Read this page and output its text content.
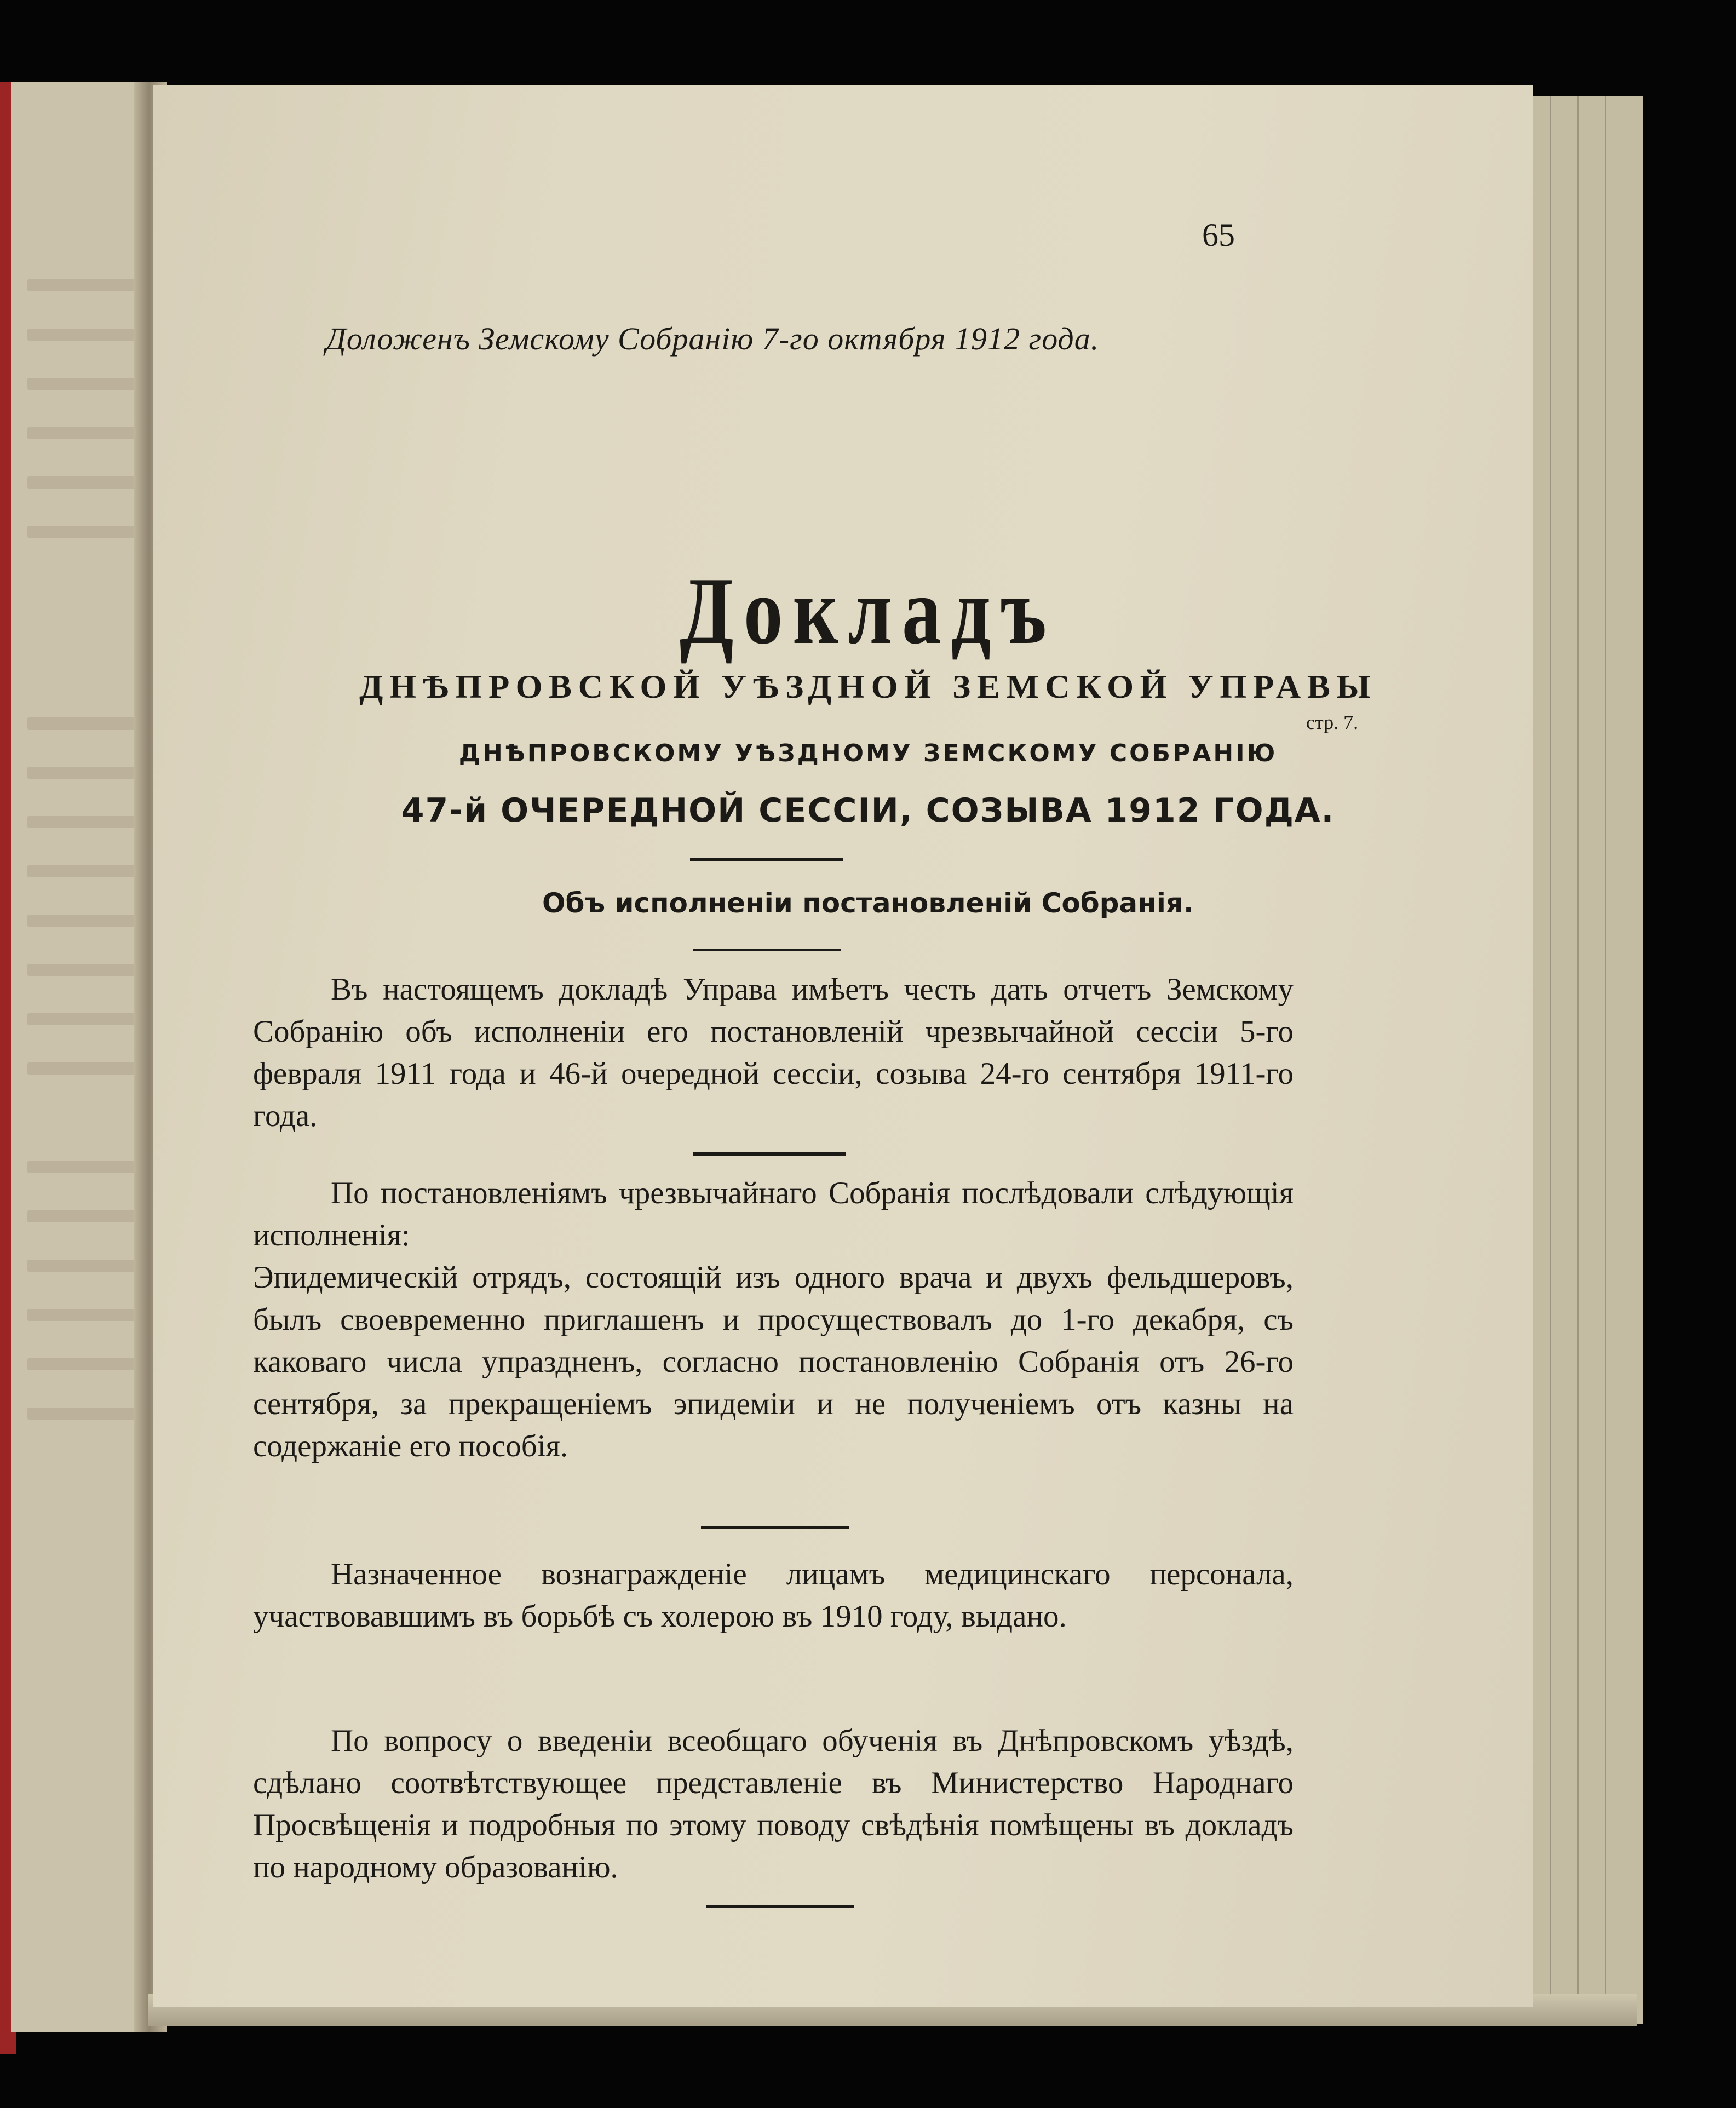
65
Доложенъ Земскому Собранію 7-го октября 1912 года.
Докладъ
ДНѢПРОВСКОЙ УѢЗДНОЙ ЗЕМСКОЙ УПРАВЫ
ДНѢПРОВСКОМУ УѢЗДНОМУ ЗЕМСКОМУ СОБРАНІЮ
47-й ОЧЕРЕДНОЙ СЕССІИ, СОЗЫВА 1912 ГОДА.
стр. 7.
Объ исполненіи постановленій Собранія.

Въ настоящемъ докладѣ Управа имѣетъ честь дать отчетъ Земскому Собранію объ исполненіи его постановленій чрезвычайной сессіи 5-го февраля 1911 года и 46-й очередной сессіи, созыва 24-го сентября 1911-го года.

По постановленіямъ чрезвычайнаго Собранія послѣдовали слѣдующія исполненія:

Эпидемическій отрядъ, состоящій изъ одного врача и двухъ фельдшеровъ, былъ своевременно приглашенъ и просуществовалъ до 1-го декабря, съ каковаго числа упраздненъ, согласно постановленію Собранія отъ 26-го сентября, за прекращеніемъ эпидеміи и не полученіемъ отъ казны на содержаніе его пособія.

Назначенное вознагражденіе лицамъ медицинскаго персонала, участвовавшимъ въ борьбѣ съ холерою въ 1910 году, выдано.

По вопросу о введеніи всеобщаго обученія въ Днѣпровскомъ уѣздѣ, сдѣлано соотвѣтствующее представленіе въ Министерство Народнаго Просвѣщенія и подробныя по этому поводу свѣдѣнія помѣщены въ докладъ по народному образованію.
